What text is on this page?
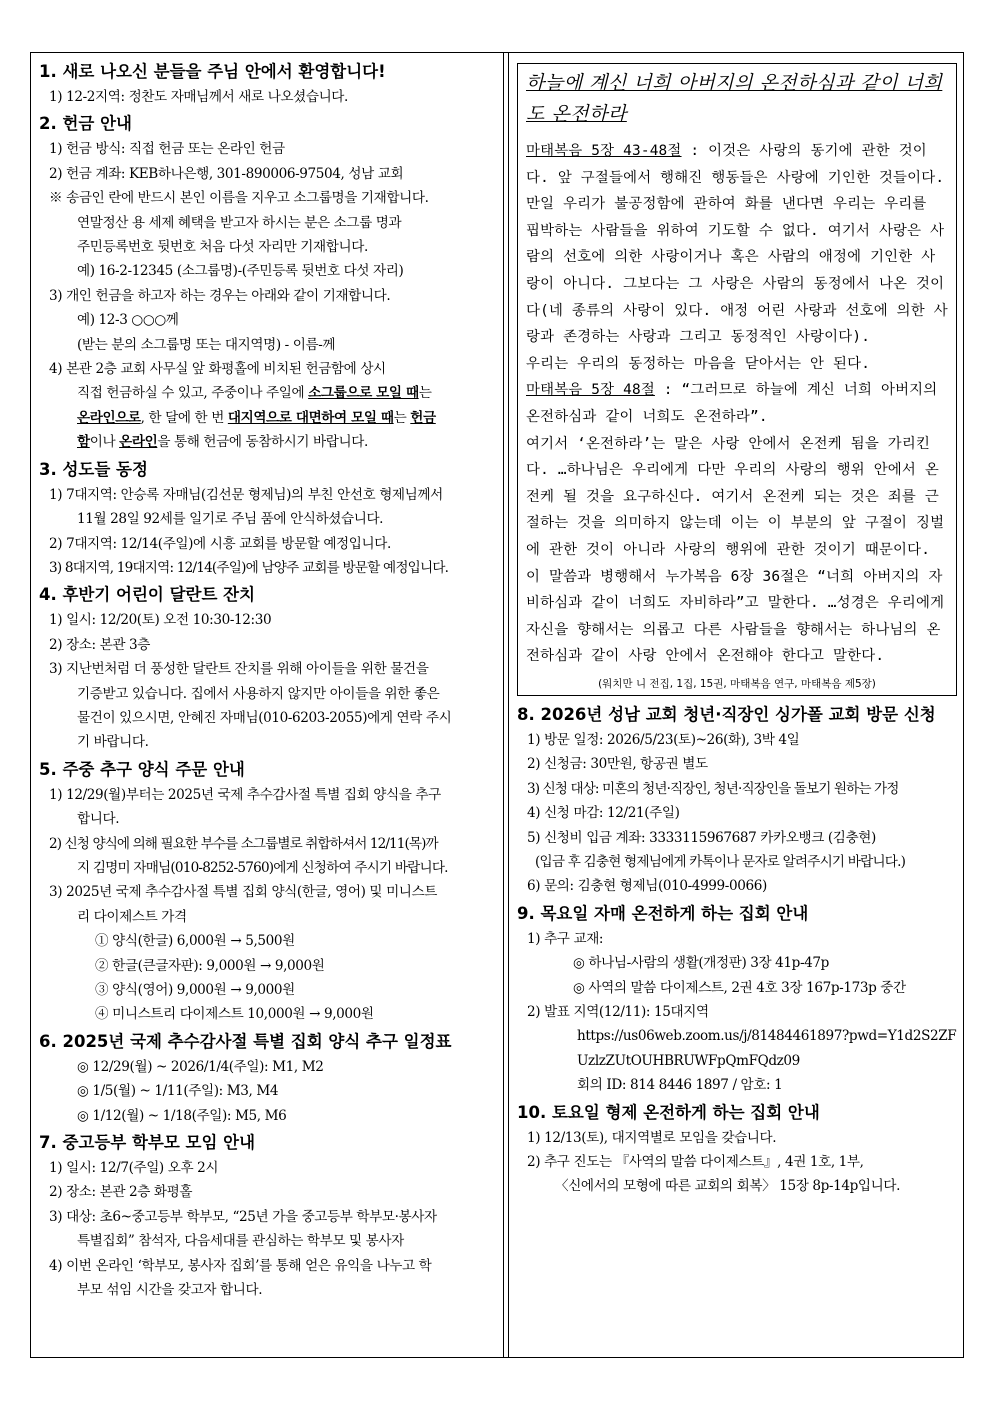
1. 새로 나오신 분들을 주님 안에서 환영합니다!
1) 12-2지역: 정찬도 자매님께서 새로 나오셨습니다.
2. 헌금 안내
1) 헌금 방식: 직접 헌금 또는 온라인 헌금
2) 헌금 계좌: KEB하나은행, 301-890006-97504, 성남 교회
※ 송금인 란에 반드시 본인 이름을 지우고 소그룹명을 기재합니다.
연말정산 용 세제 혜택을 받고자 하시는 분은 소그룹 명과
주민등록번호 뒷번호 처음 다섯 자리만 기재합니다.
예) 16-2-12345 (소그룹명)-(주민등록 뒷번호 다섯 자리)
3) 개인 헌금을 하고자 하는 경우는 아래와 같이 기재합니다.
예) 12-3 ○○○께
(받는 분의 소그룹명 또는 대지역명) - 이름-께
4) 본관 2층 교회 사무실 앞 화평홀에 비치된 헌금함에 상시
직접 헌금하실 수 있고, 주중이나 주일에 소그룹으로 모일 때는
온라인으로, 한 달에 한 번 대지역으로 대면하여 모일 때는 헌금
함이나 온라인을 통해 헌금에 동참하시기 바랍니다.
3. 성도들 동정
1) 7대지역: 안승록 자매님(김선문 형제님)의 부친 안선호 형제님께서
11월 28일 92세를 일기로 주님 품에 안식하셨습니다.
2) 7대지역: 12/14(주일)에 시흥 교회를 방문할 예정입니다.
3) 8대지역, 19대지역: 12/14(주일)에 남양주 교회를 방문할 예정입니다.
4. 후반기 어린이 달란트 잔치
1) 일시: 12/20(토) 오전 10:30-12:30
2) 장소: 본관 3층
3) 지난번처럼 더 풍성한 달란트 잔치를 위해 아이들을 위한 물건을
기증받고 있습니다. 집에서 사용하지 않지만 아이들을 위한 좋은
물건이 있으시면, 안혜진 자매님(010-6203-2055)에게 연락 주시
기 바랍니다.
5. 주중 추구 양식 주문 안내
1) 12/29(월)부터는 2025년 국제 추수감사절 특별 집회 양식을 추구
합니다.
2) 신청 양식에 의해 필요한 부수를 소그룹별로 취합하셔서 12/11(목)까
지 김명미 자매님(010-8252-5760)에게 신청하여 주시기 바랍니다.
3) 2025년 국제 추수감사절 특별 집회 양식(한글, 영어) 및 미니스트
리 다이제스트 가격
① 양식(한글) 6,000원 → 5,500원
② 한글(큰글자판): 9,000원 → 9,000원
③ 양식(영어) 9,000원 → 9,000원
④ 미니스트리 다이제스트 10,000원 → 9,000원
6. 2025년 국제 추수감사절 특별 집회 양식 추구 일정표
◎ 12/29(월) ~ 2026/1/4(주일): M1, M2
◎ 1/5(월) ~ 1/11(주일): M3, M4
◎ 1/12(월) ~ 1/18(주일): M5, M6
7. 중고등부 학부모 모임 안내
1) 일시: 12/7(주일) 오후 2시
2) 장소: 본관 2층 화평홀
3) 대상: 초6~중고등부 학부모, “25년 가을 중고등부 학부모·봉사자
특별집회” 참석자, 다음세대를 관심하는 학부모 및 봉사자
4) 이번 온라인 ‘학부모, 봉사자 집회’를 통해 얻은 유익을 나누고 학
부모 섞임 시간을 갖고자 합니다.
하늘에 계신 너희 아버지의 온전하심과 같이 너희도 온전하라
마태복음 5장 43-48절 : 이것은 사랑의 동기에 관한 것이다. 앞 구절들에서 행해진 행동들은 사랑에 기인한 것들이다. 만일 우리가 불공정함에 관하여 화를 낸다면 우리는 우리를 핍박하는 사람들을 위하여 기도할 수 없다. 여기서 사랑은 사람의 선호에 의한 사랑이거나 혹은 사람의 애정에 기인한 사랑이 아니다. 그보다는 그 사랑은 사람의 동정에서 나온 것이다(네 종류의 사랑이 있다. 애정 어린 사랑과 선호에 의한 사랑과 존경하는 사랑과 그리고 동정적인 사랑이다).
우리는 우리의 동정하는 마음을 닫아서는 안 된다.
마태복음 5장 48절 : “그러므로 하늘에 계신 너희 아버지의 온전하심과 같이 너희도 온전하라”.
여기서 ‘온전하라’는 말은 사랑 안에서 온전케 됨을 가리킨다. …하나님은 우리에게 다만 우리의 사랑의 행위 안에서 온전케 될 것을 요구하신다. 여기서 온전케 되는 것은 죄를 근절하는 것을 의미하지 않는데 이는 이 부분의 앞 구절이 징벌에 관한 것이 아니라 사랑의 행위에 관한 것이기 때문이다. 이 말씀과 병행해서 누가복음 6장 36절은 “너희 아버지의 자비하심과 같이 너희도 자비하라”고 말한다. …성경은 우리에게 자신을 향해서는 의롭고 다른 사람들을 향해서는 하나님의 온전하심과 같이 사랑 안에서 온전해야 한다고 말한다.
(워치만 니 전집, 1집, 15권, 마태복음 연구, 마태복음 제5장)
8. 2026년 성남 교회 청년·직장인 싱가폴 교회 방문 신청
1) 방문 일정: 2026/5/23(토)~26(화), 3박 4일
2) 신청금: 30만원, 항공권 별도
3) 신청 대상: 미혼의 청년·직장인, 청년·직장인을 돌보기 원하는 가정
4) 신청 마감: 12/21(주일)
5) 신청비 입금 계좌: 3333115967687 카카오뱅크 (김충현)
(입금 후 김충현 형제님에게 카톡이나 문자로 알려주시기 바랍니다.)
6) 문의: 김충현 형제님(010-4999-0066)
9. 목요일 자매 온전하게 하는 집회 안내
1) 추구 교재:
◎ 하나님-사람의 생활(개정판) 3장 41p-47p
◎ 사역의 말씀 다이제스트, 2권 4호 3장 167p-173p 중간
2) 발표 지역(12/11): 15대지역
https://us06web.zoom.us/j/81484461897?pwd=Y1d2S2ZFUzlzZUtOUHBRUWFpQmFQdz09
회의 ID: 814 8446 1897 / 암호: 1
10. 토요일 형제 온전하게 하는 집회 안내
1) 12/13(토), 대지역별로 모임을 갖습니다.
2) 추구 진도는 『사역의 말씀 다이제스트』, 4권 1호, 1부,
〈신에서의 모형에 따른 교회의 회복〉 15장 8p-14p입니다.
